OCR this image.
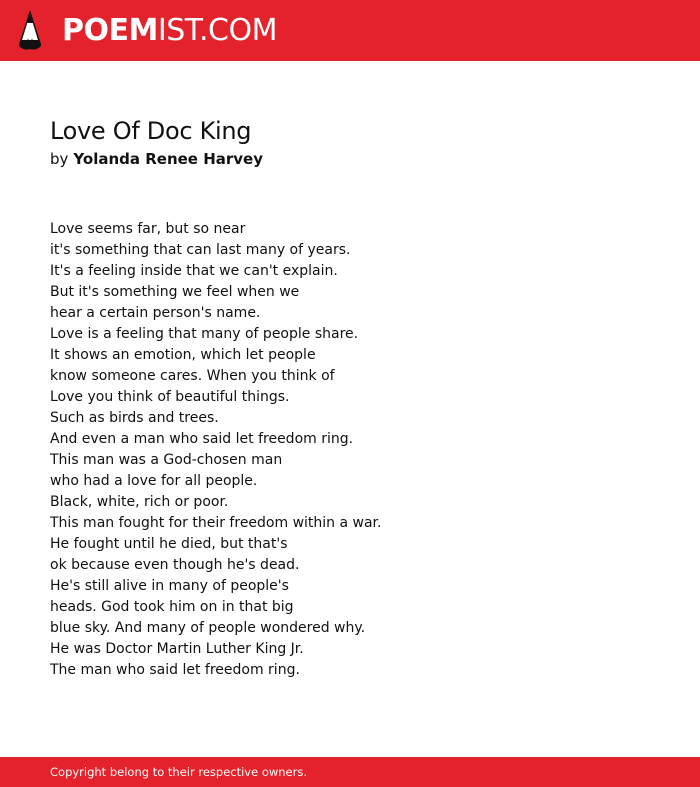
POEMIST.COM
Love Of Doc King
by Yolanda Renee Harvey
Love seems far, but so near
it's something that can last many of years.
It's a feeling inside that we can't explain.
But it's something we feel when we
hear a certain person's name.
Love is a feeling that many of people share.
It shows an emotion, which let people
know someone cares. When you think of
Love you think of beautiful things.
Such as birds and trees.
And even a man who said let freedom ring.
This man was a God-chosen man
who had a love for all people.
Black, white, rich or poor.
This man fought for their freedom within a war.
He fought until he died, but that's
ok because even though he's dead.
He's still alive in many of people's
heads. God took him on in that big
blue sky. And many of people wondered why.
He was Doctor Martin Luther King Jr.
The man who said let freedom ring.
Copyright belong to their respective owners.
